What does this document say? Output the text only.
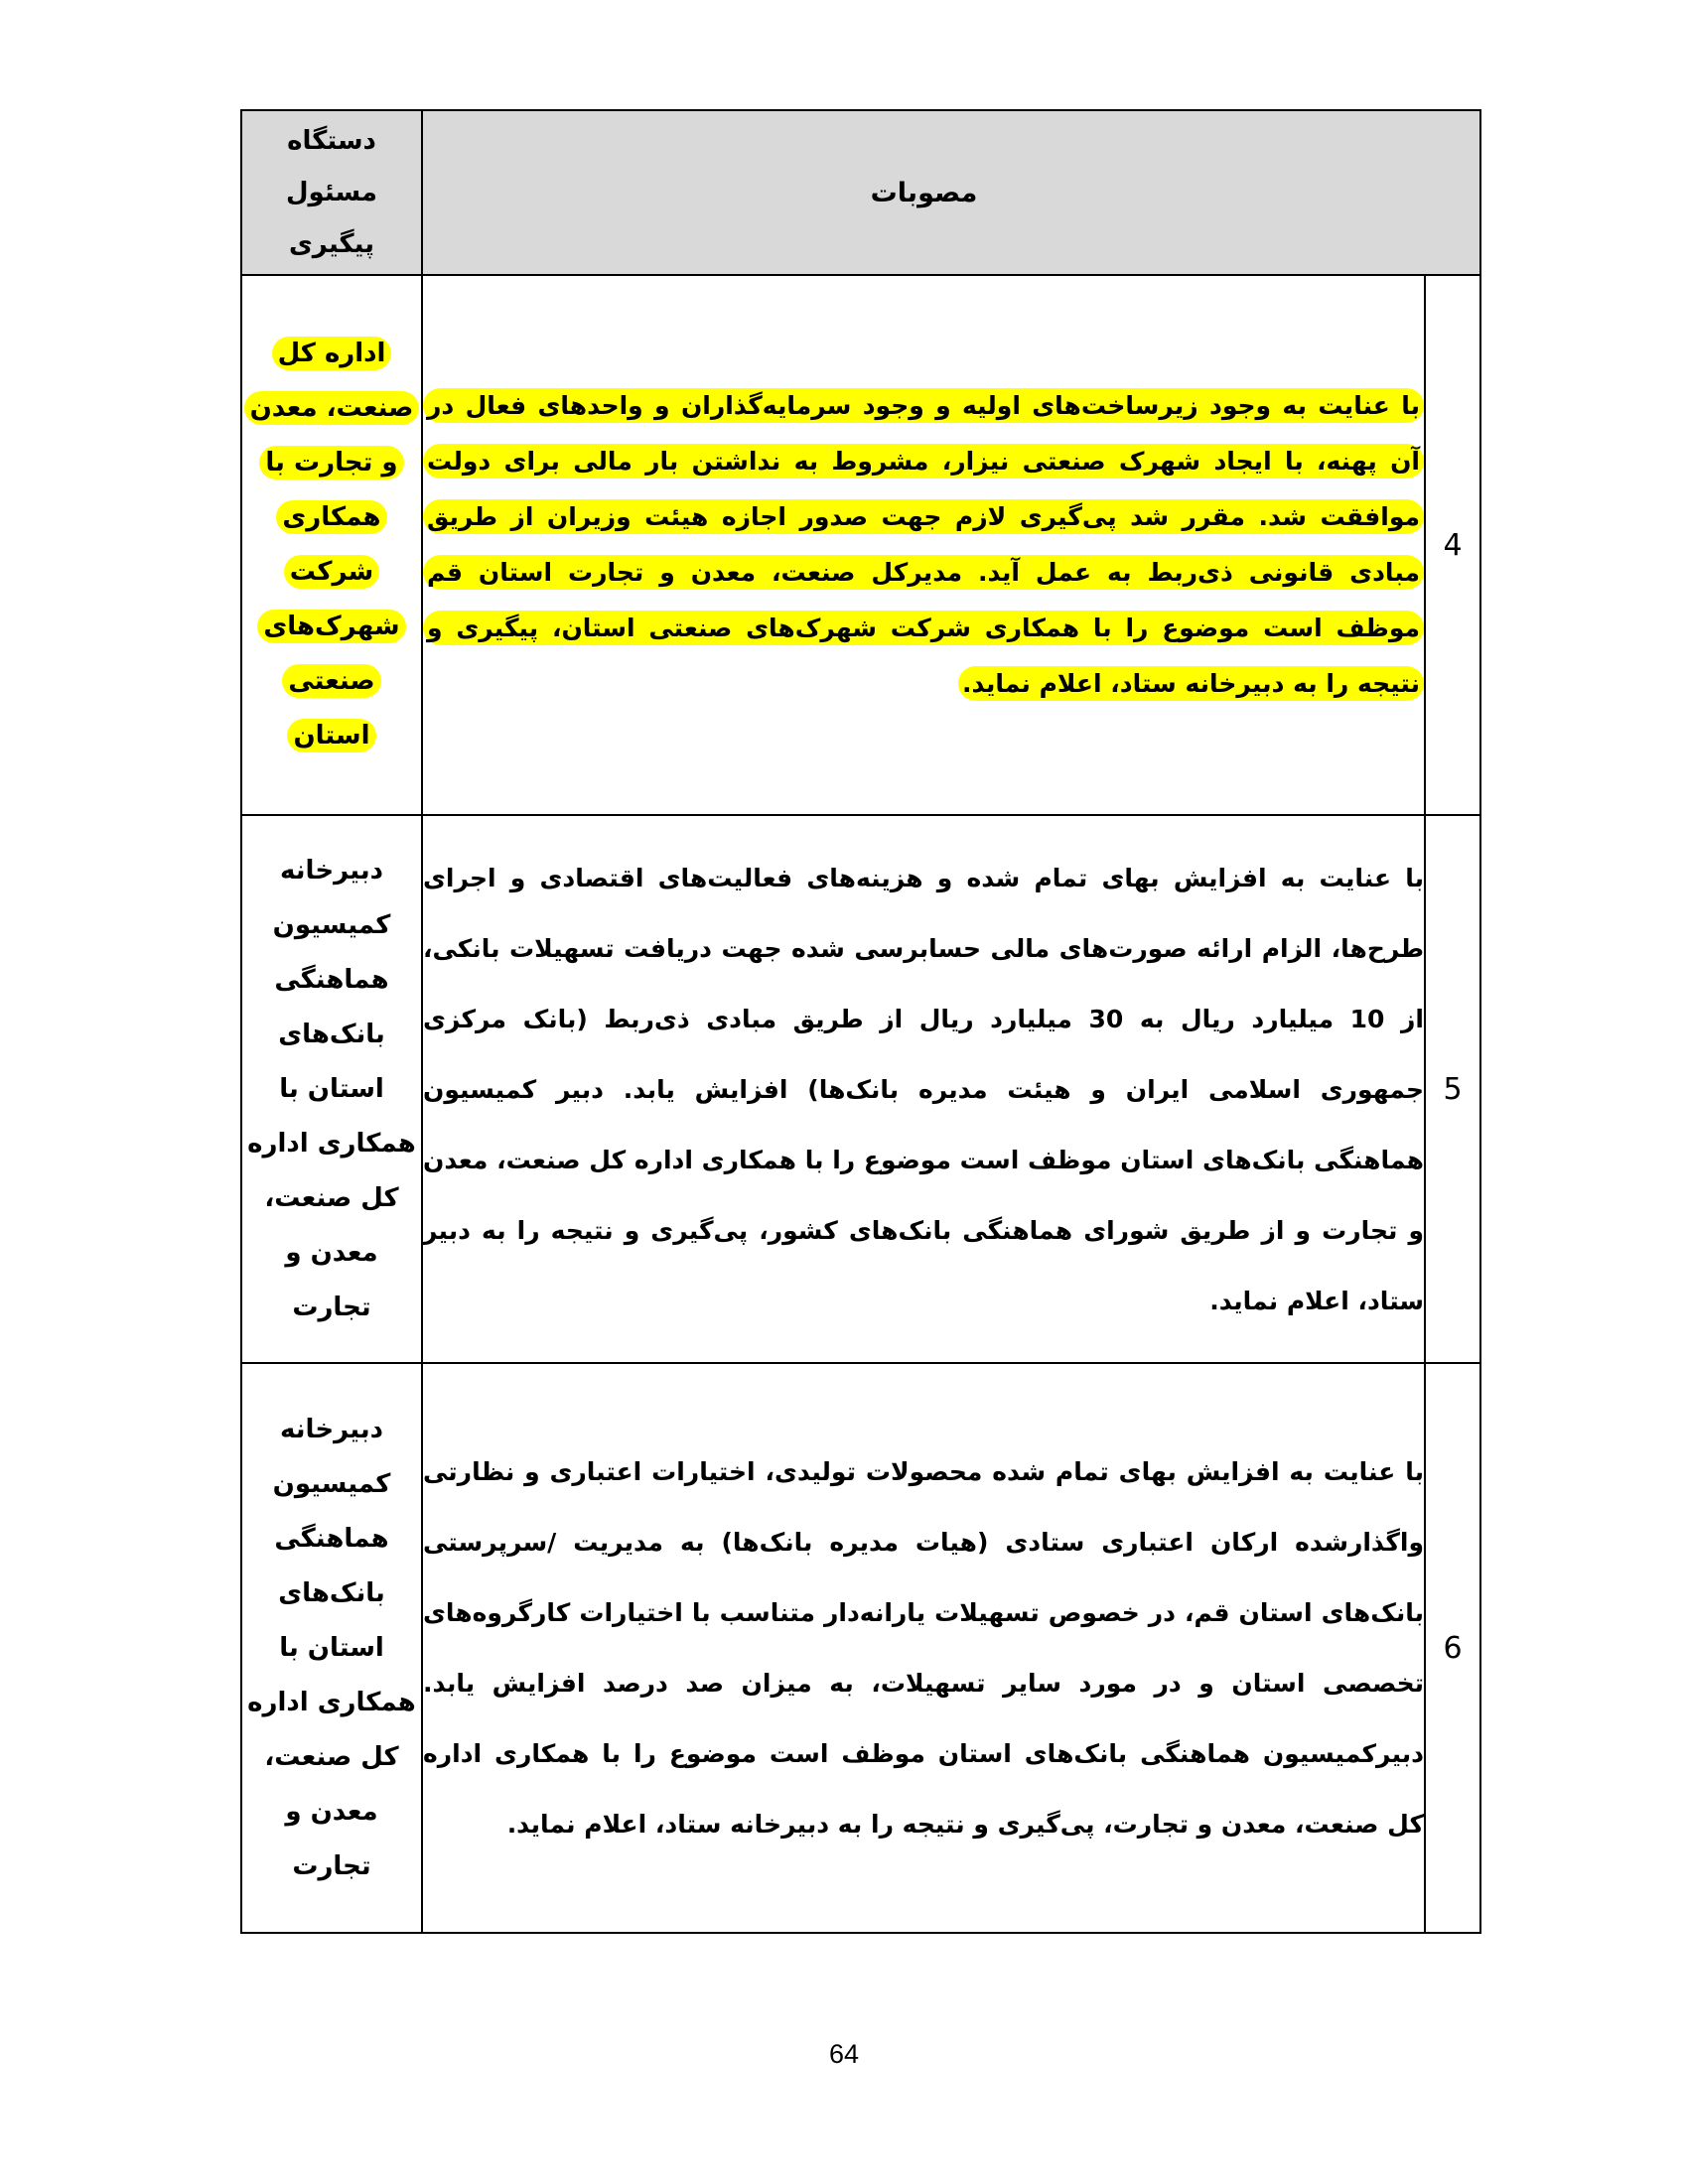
	مصوبات	دستگاه مسئول پیگیری
4	با عنایت به وجود زیرساخت‌های اولیه و وجود سرمایه‌گذاران و واحدهای فعال در آن پهنه، با ایجاد شهرک صنعتی نیزار، مشروط به نداشتن بار مالی برای دولت موافقت شد. مقرر شد پی‌گیری لازم جهت صدور اجازه هیئت وزیران از طریق مبادی قانونی ذی‌ربط به عمل آید. مدیرکل صنعت، معدن و تجارت استان قم موظف است موضوع را با همکاری شرکت شهرک‌های صنعتی استان، پیگیری و نتیجه را به دبیرخانه ستاد، اعلام نماید.	اداره کل صنعت، معدن و تجارت با همکاری شرکت شهرک‌های صنعتی استان
5	با عنایت به افزایش بهای تمام شده و هزینه‌های فعالیت‌های اقتصادی و اجرای طرح‌ها، الزام ارائه صورت‌های مالی حسابرسی شده جهت دریافت تسهیلات بانکی، از 10 میلیارد ریال به 30 میلیارد ریال از طریق مبادی ذی‌ربط (بانک مرکزی جمهوری اسلامی ایران و هیئت مدیره بانک‌ها) افزایش یابد. دبیر کمیسیون هماهنگی بانک‌های استان موظف است موضوع را با همکاری اداره کل صنعت، معدن و تجارت و از طریق شورای هماهنگی بانک‌های کشور، پی‌گیری و نتیجه را به دبیر ستاد، اعلام نماید.	دبیرخانه کمیسیون هماهنگی بانک‌های استان با همکاری اداره کل صنعت، معدن و تجارت
6	با عنایت به افزایش بهای تمام شده محصولات تولیدی، اختیارات اعتباری و نظارتی واگذارشده ارکان اعتباری ستادی (هیات مدیره بانک‌ها) به مدیریت /سرپرستی بانک‌های استان قم، در خصوص تسهیلات یارانه‌دار متناسب با اختیارات کارگروه‌های تخصصی استان و در مورد سایر تسهیلات، به میزان صد درصد افزایش یابد. دبیرکمیسیون هماهنگی بانک‌های استان موظف است موضوع را با همکاری اداره کل صنعت، معدن و تجارت، پی‌گیری و نتیجه را به دبیرخانه ستاد، اعلام نماید.	دبیرخانه کمیسیون هماهنگی بانک‌های استان با همکاری اداره کل صنعت، معدن و تجارت
64
